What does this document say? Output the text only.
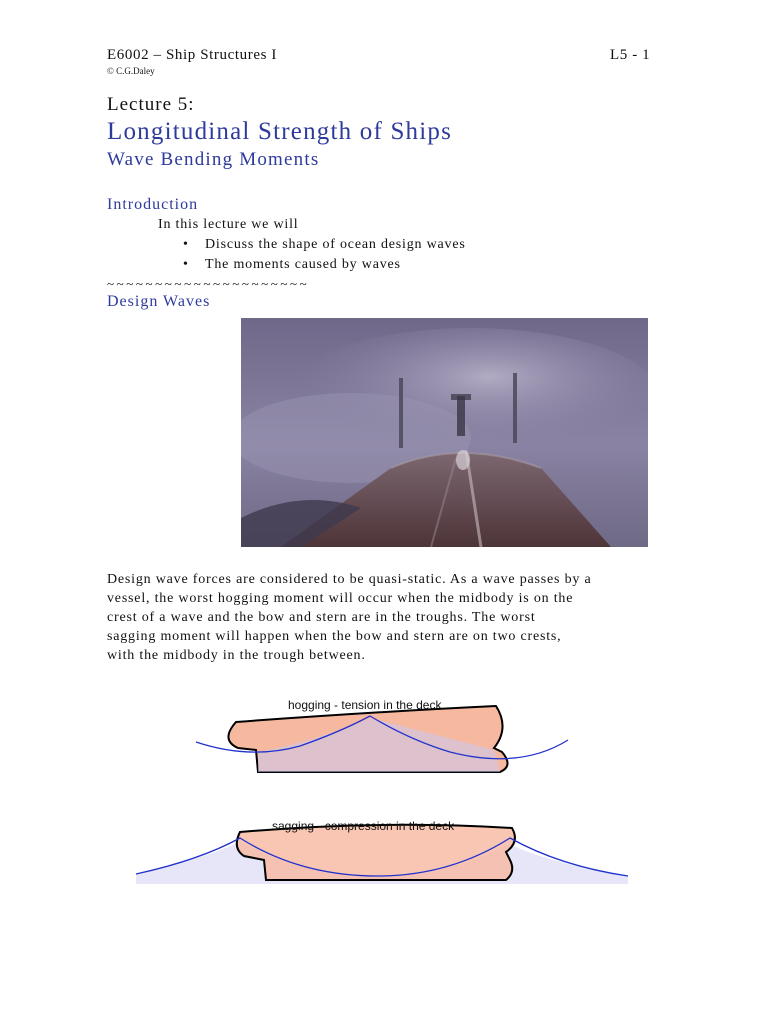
E6002 – Ship Structures I	L5 - 1
© C.G.Daley
Lecture 5:
Longitudinal Strength of Ships
Wave Bending Moments
Introduction
In this lecture we will
• Discuss the shape of ocean design waves
• The moments caused by waves
~~~~~~~~~~~~~~~~~~~~~
Design Waves
Design wave forces are considered to be quasi-static. As a wave passes by a
vessel, the worst hogging moment will occur when the midbody is on the
crest of a wave and the bow and stern are in the troughs. The worst
sagging moment will happen when the bow and stern are on two crests,
with the midbody in the trough between.
hogging - tension in the deck
sagging - compression in the deck
